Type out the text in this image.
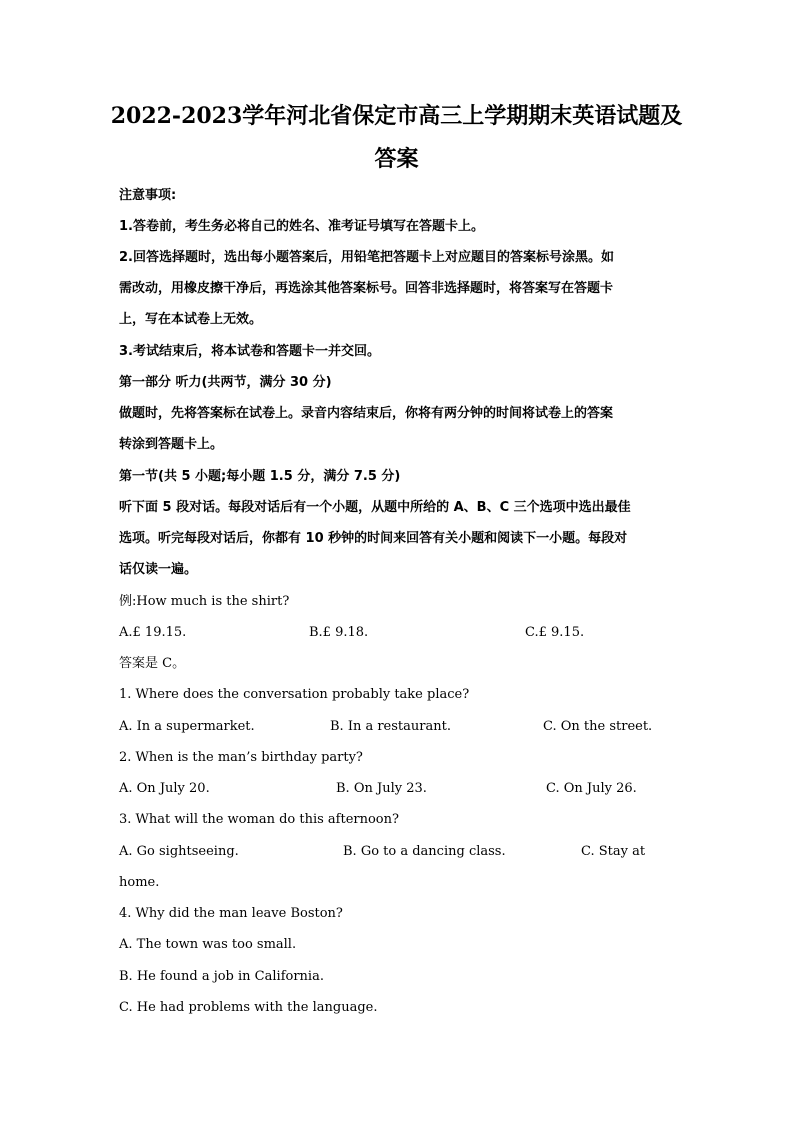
2022-2023学年河北省保定市高三上学期期末英语试题及
答案
注意事项:
1.答卷前，考生务必将自己的姓名、准考证号填写在答题卡上。
2.回答选择题时，选出每小题答案后，用铅笔把答题卡上对应题目的答案标号涂黑。如
需改动，用橡皮擦干净后，再选涂其他答案标号。回答非选择题时，将答案写在答题卡
上，写在本试卷上无效。
3.考试结束后，将本试卷和答题卡一并交回。
第一部分 听力(共两节，满分 30 分)
做题时，先将答案标在试卷上。录音内容结束后，你将有两分钟的时间将试卷上的答案
转涂到答题卡上。
第一节(共 5 小题;每小题 1.5 分，满分 7.5 分)
听下面 5 段对话。每段对话后有一个小题，从题中所给的 A、B、C 三个选项中选出最佳
选项。听完每段对话后，你都有 10 秒钟的时间来回答有关小题和阅读下一小题。每段对
话仅读一遍。
例:How much is the shirt?
A.£ 19.15.	B.£ 9.18.	C.£ 9.15.
答案是 C。
1. Where does the conversation probably take place?
A. In a supermarket.	B. In a restaurant.	C. On the street.
2. When is the man’s birthday party?
A. On July 20.	B. On July 23.	C. On July 26.
3. What will the woman do this afternoon?
A. Go sightseeing.	B. Go to a dancing class.	C. Stay at
home.
4. Why did the man leave Boston?
A. The town was too small.
B. He found a job in California.
C. He had problems with the language.
